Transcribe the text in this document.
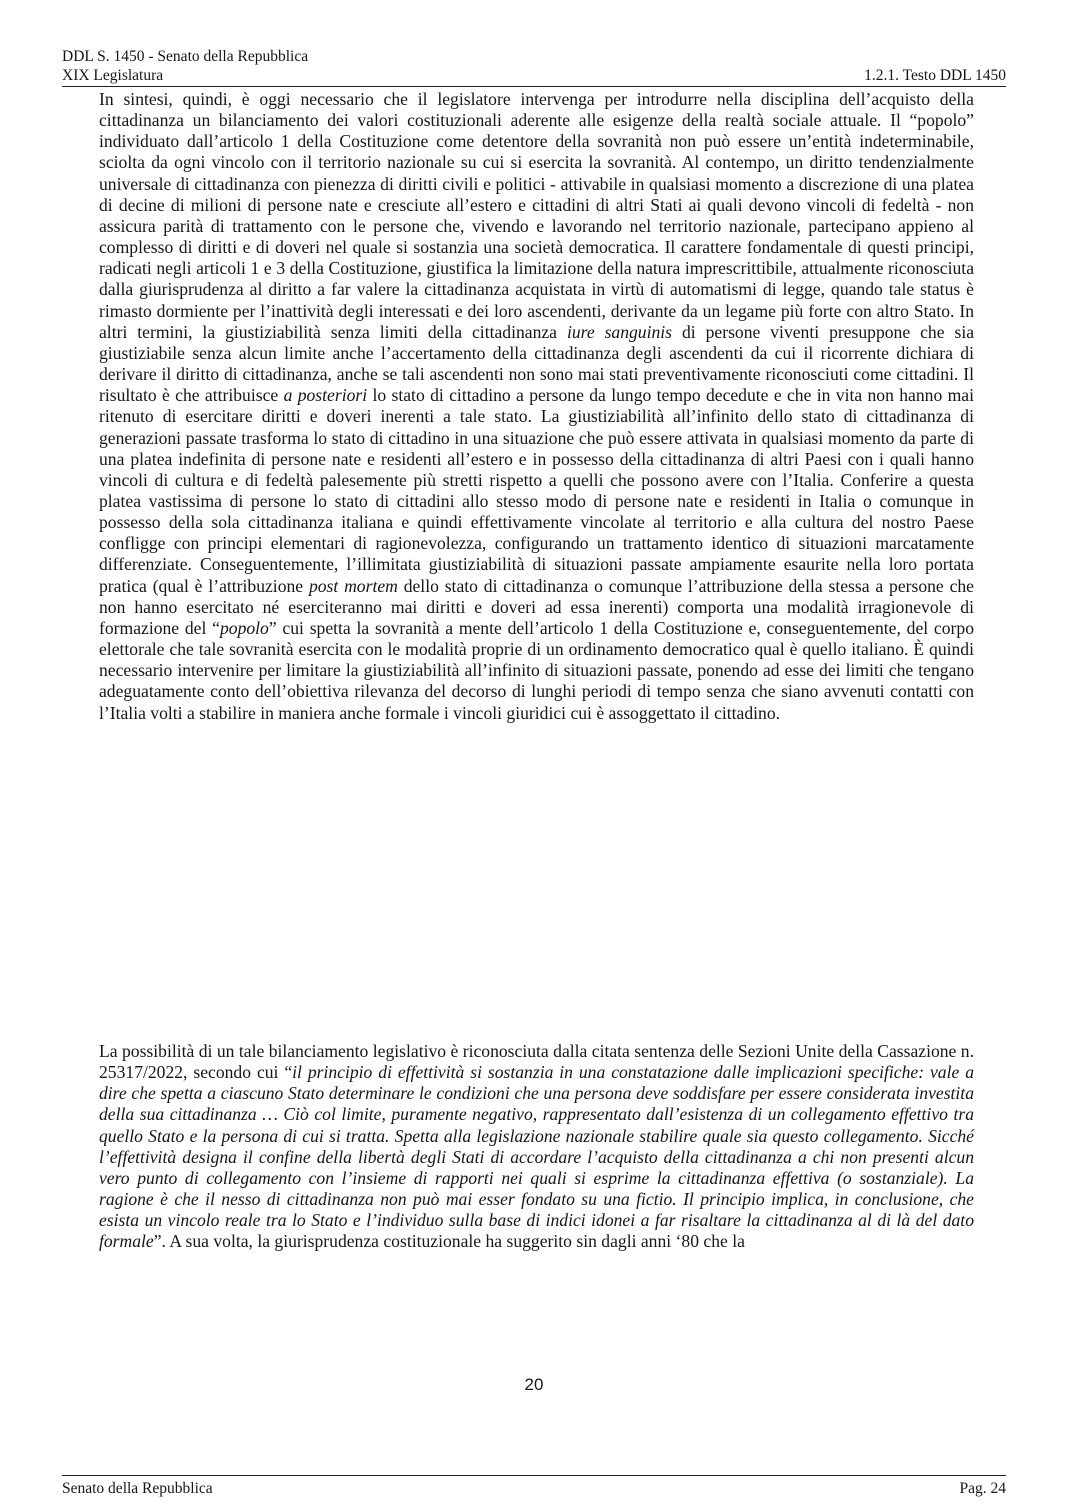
DDL S. 1450 - Senato della Repubblica
XIX Legislatura	1.2.1. Testo DDL 1450

In sintesi, quindi, è oggi necessario che il legislatore intervenga per introdurre nella disciplina dell’acquisto della cittadinanza un bilanciamento dei valori costituzionali aderente alle esigenze della realtà sociale attuale. Il “popolo” individuato dall’articolo 1 della Costituzione come detentore della sovranità non può essere un’entità indeterminabile, sciolta da ogni vincolo con il territorio nazionale su cui si esercita la sovranità. Al contempo, un diritto tendenzialmente universale di cittadinanza con pienezza di diritti civili e politici - attivabile in qualsiasi momento a discrezione di una platea di decine di milioni di persone nate e cresciute all’estero e cittadini di altri Stati ai quali devono vincoli di fedeltà - non assicura parità di trattamento con le persone che, vivendo e lavorando nel territorio nazionale, partecipano appieno al complesso di diritti e di doveri nel quale si sostanzia una società democratica. Il carattere fondamentale di questi principi, radicati negli articoli 1 e 3 della Costituzione, giustifica la limitazione della natura imprescrittibile, attualmente riconosciuta dalla giurisprudenza al diritto a far valere la cittadinanza acquistata in virtù di automatismi di legge, quando tale status è rimasto dormiente per l’inattività degli interessati e dei loro ascendenti, derivante da un legame più forte con altro Stato. In altri termini, la giustiziabilità senza limiti della cittadinanza iure sanguinis di persone viventi presuppone che sia giustiziabile senza alcun limite anche l’accertamento della cittadinanza degli ascendenti da cui il ricorrente dichiara di derivare il diritto di cittadinanza, anche se tali ascendenti non sono mai stati preventivamente riconosciuti come cittadini. Il risultato è che attribuisce a posteriori lo stato di cittadino a persone da lungo tempo decedute e che in vita non hanno mai ritenuto di esercitare diritti e doveri inerenti a tale stato. La giustiziabilità all’infinito dello stato di cittadinanza di generazioni passate trasforma lo stato di cittadino in una situazione che può essere attivata in qualsiasi momento da parte di una platea indefinita di persone nate e residenti all’estero e in possesso della cittadinanza di altri Paesi con i quali hanno vincoli di cultura e di fedeltà palesemente più stretti rispetto a quelli che possono avere con l’Italia. Conferire a questa platea vastissima di persone lo stato di cittadini allo stesso modo di persone nate e residenti in Italia o comunque in possesso della sola cittadinanza italiana e quindi effettivamente vincolate al territorio e alla cultura del nostro Paese confligge con principi elementari di ragionevolezza, configurando un trattamento identico di situazioni marcatamente differenziate. Conseguentemente, l’illimitata giustiziabilità di situazioni passate ampiamente esaurite nella loro portata pratica (qual è l’attribuzione post mortem dello stato di cittadinanza o comunque l’attribuzione della stessa a persone che non hanno esercitato né eserciteranno mai diritti e doveri ad essa inerenti) comporta una modalità irragionevole di formazione del “popolo” cui spetta la sovranità a mente dell’articolo 1 della Costituzione e, conseguentemente, del corpo elettorale che tale sovranità esercita con le modalità proprie di un ordinamento democratico qual è quello italiano. È quindi necessario intervenire per limitare la giustiziabilità all’infinito di situazioni passate, ponendo ad esse dei limiti che tengano adeguatamente conto dell’obiettiva rilevanza del decorso di lunghi periodi di tempo senza che siano avvenuti contatti con l’Italia volti a stabilire in maniera anche formale i vincoli giuridici cui è assoggettato il cittadino.

La possibilità di un tale bilanciamento legislativo è riconosciuta dalla citata sentenza delle Sezioni Unite della Cassazione n. 25317/2022, secondo cui “il principio di effettività si sostanzia in una constatazione dalle implicazioni specifiche: vale a dire che spetta a ciascuno Stato determinare le condizioni che una persona deve soddisfare per essere considerata investita della sua cittadinanza … Ciò col limite, puramente negativo, rappresentato dall’esistenza di un collegamento effettivo tra quello Stato e la persona di cui si tratta. Spetta alla legislazione nazionale stabilire quale sia questo collegamento. Sicché l’effettività designa il confine della libertà degli Stati di accordare l’acquisto della cittadinanza a chi non presenti alcun vero punto di collegamento con l’insieme di rapporti nei quali si esprime la cittadinanza effettiva (o sostanziale). La ragione è che il nesso di cittadinanza non può mai esser fondato su una fictio. Il principio implica, in conclusione, che esista un vincolo reale tra lo Stato e l’individuo sulla base di indici idonei a far risaltare la cittadinanza al di là del dato formale”. A sua volta, la giurisprudenza costituzionale ha suggerito sin dagli anni ‘80 che la

20
Senato della Repubblica	Pag. 24
